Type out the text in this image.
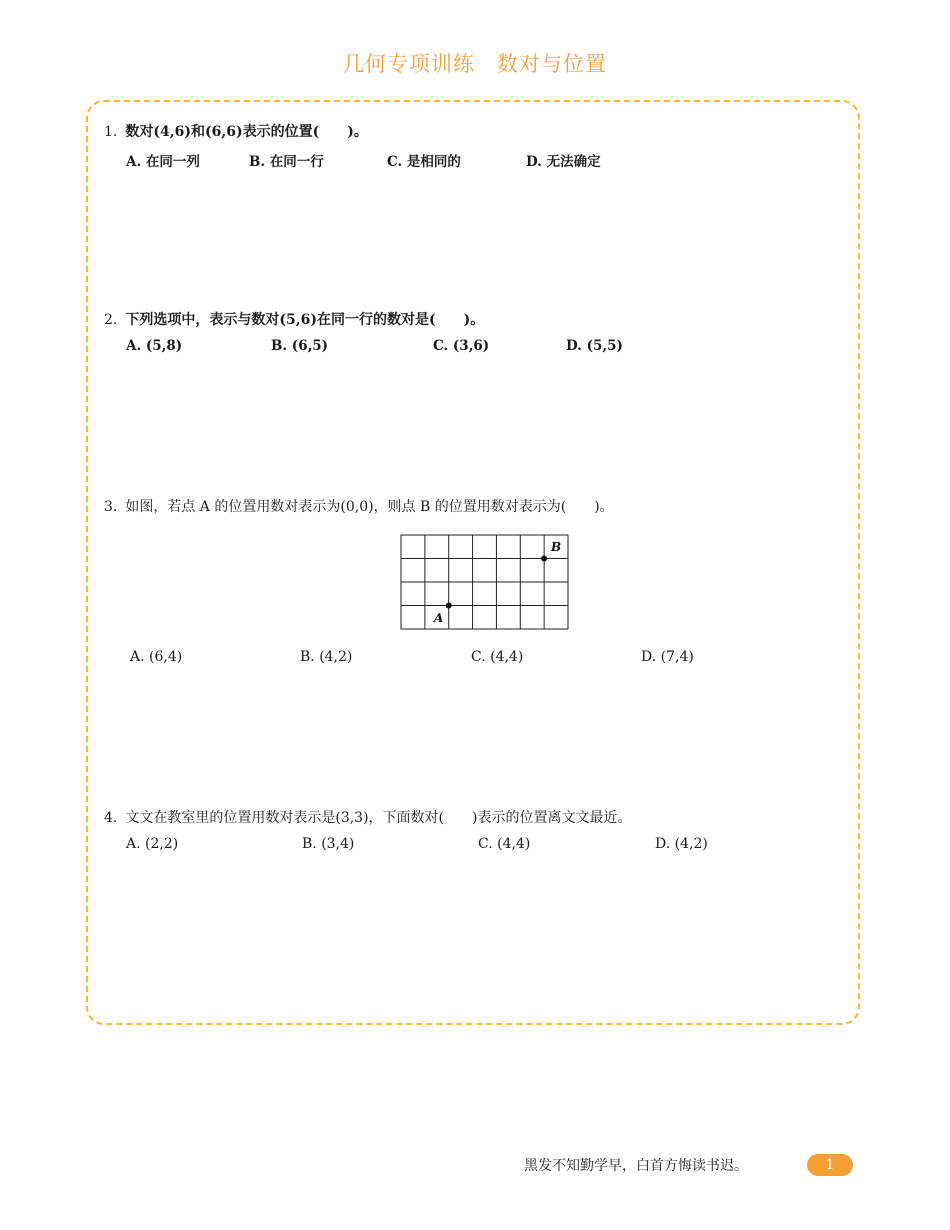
几何专项训练 数对与位置
1. 数对(4,6)和(6,6)表示的位置(　　)。
A. 在同一列	B. 在同一行	C. 是相同的	D. 无法确定
2. 下列选项中，表示与数对(5,6)在同一行的数对是(　　)。
A. (5,8)	B. (6,5)	C. (3,6)	D. (5,5)
3. 如图，若点 A 的位置用数对表示为(0,0)，则点 B 的位置用数对表示为(　　)。
A
B
A. (6,4)	B. (4,2)	C. (4,4)	D. (7,4)
4. 文文在教室里的位置用数对表示是(3,3)，下面数对(　　)表示的位置离文文最近。
A. (2,2)	B. (3,4)	C. (4,4)	D. (4,2)
黑发不知勤学早，白首方悔读书迟。	1
